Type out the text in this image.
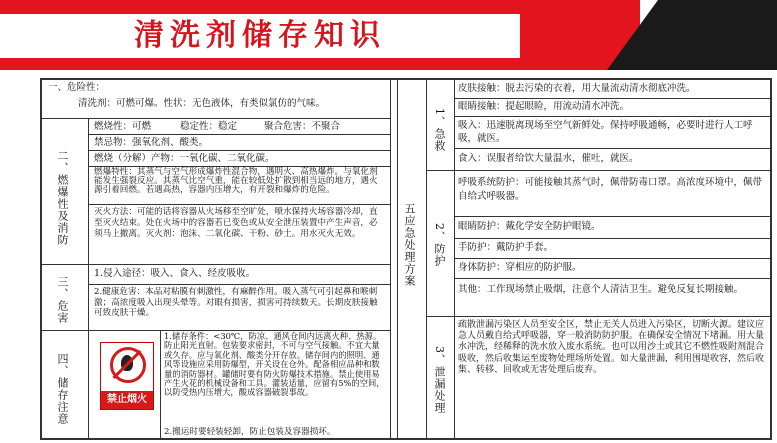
清洗剂储存知识
一、危险性：
清洗剂：可燃可爆。性状：无色液体，有类似氯仿的气味。
二、燃爆性及消防
燃烧性：可燃	稳定性：稳定	聚合危害：不聚合
禁忌物：强氧化剂、酸类。
燃烧（分解）产物：一氧化碳、二氧化碳。
燃爆特性：其蒸气与空气形成爆炸性混合物，遇明火、高热爆炸。与氧化剂能发生强裂反应。其蒸气比空气重，能在较低处扩散到相当远的地方，遇火源引着回燃。若遇高热，容器内压增大，有开裂和爆炸的危险。
灭火方法：可能的话将容器从火场移至空旷处，喷水保持火场容器冷却，直至灭火结束。处在火场中的容器若已变色或从安全泄压装置中产生声音，必须马上撤离。灭火剂：泡沫、二氧化碳、干粉、砂土。用水灭火无效。
三、危害
1.侵入途径：吸入、食入、经皮吸收。
2.健康危害：本品对粘膜有刺激性，有麻醉作用。吸入蒸气可引起鼻和喉刺激；高浓度吸入出现头晕等。对眼有损害，损害可持续数天。长期皮肤接触可致皮肤干燥。
四、储存注意	禁止烟火
1.储存条件：<30℃，防凉、通风仓间内远离火种、热源。防止阳光直射。包装要求密封，不可与空气接触。不宜大量或久存。应与氧化剂、酸类分开存放。储存间内的照明、通风等设施应采用防爆型，开关设在仓外。配备相应品种和数量的消防器材。罐储时要有防火防爆技术措施。禁止使用易产生火花的机械设备和工具。灌装适量，应留有5%的空间，以防受热内压增大，酸成容器破裂事故。
2.搬运时要轻装轻卸，防止包装及容器损坏。
五应急处理方案
1、急救
皮肤接触：脱去污染的衣着，用大量流动清水彻底冲洗。
眼睛接触：提起眼睑，用流动清水冲洗。
吸入：迅速脱离现场至空气新鲜处。保持呼吸通畅，必要时进行人工呼吸，就医。
食入：误服者给饮大量温水，催吐，就医。
2、防护
呼吸系统防护：可能接触其蒸气时，佩带防毒口罩。高浓度环境中，佩带自给式呼吸器。
眼睛防护：戴化学安全防护眼镜。
手防护：戴防护手套。
身体防护：穿相应的防护服。
其他：工作现场禁止吸烟，注意个人清洁卫生。避免反复长期接触。
3、泄漏处理
疏散泄漏污染区人员至安全区，禁止无关人员进入污染区，切断火源。建议应急人员戴自给式呼吸器，穿一般消防防护服。在确保安全情况下堵漏。用大量水冲洗，经稀释的洗水放入废水系统。也可以用沙土或其它不燃性吸附剂混合吸收，然后收集运至废物处理场所处置。如大量泄漏，利用围堤收容，然后收集、转移、回收或无害处理后废弃。
